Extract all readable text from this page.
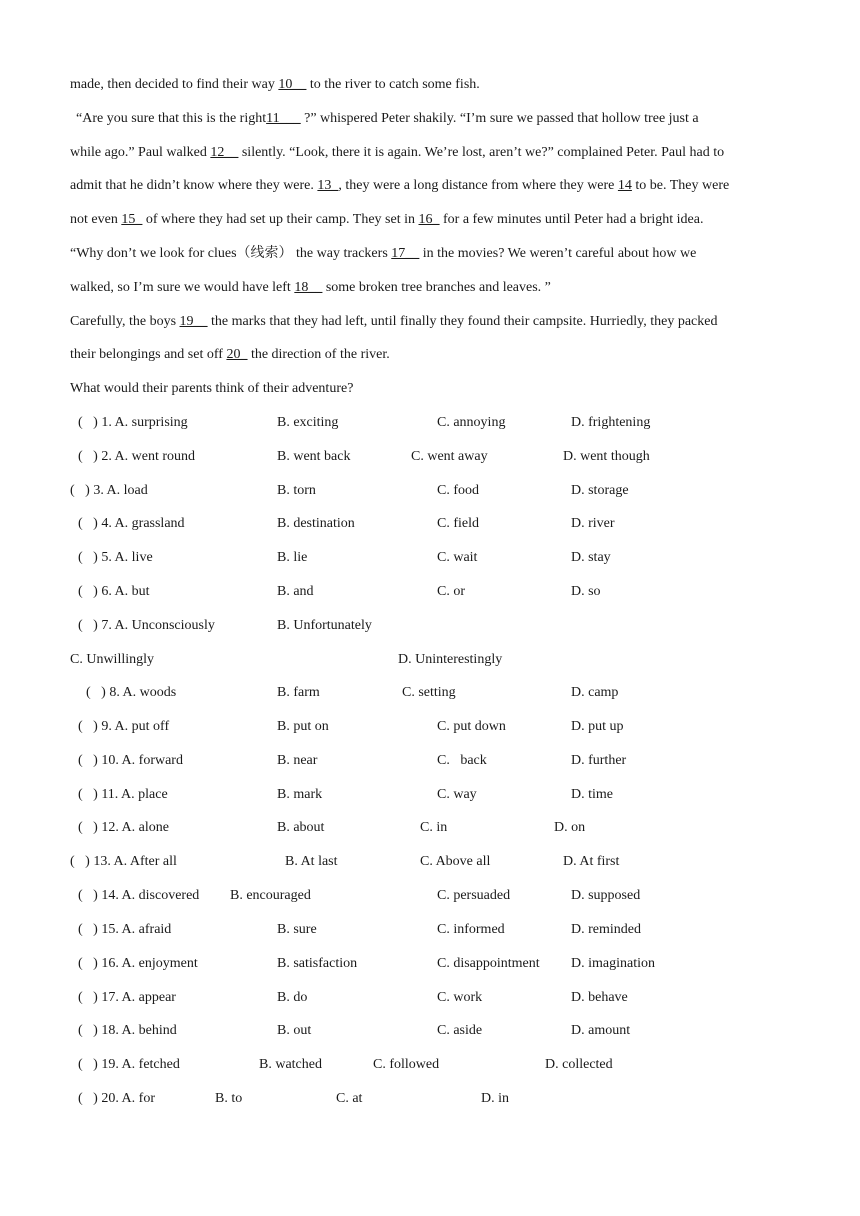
made, then decided to find their way 10__ to the river to catch some fish.
“Are you sure that this is the right11___ ?” whispered Peter shakily. “I’m sure we passed that hollow tree just a
while ago.” Paul walked 12__ silently. “Look, there it is again. We’re lost, aren’t we?” complained Peter. Paul had to
admit that he didn’t know where they were. 13_, they were a long distance from where they were 14 to be. They were
not even 15_ of where they had set up their camp. They set in 16_ for a few minutes until Peter had a bright idea.
“Why don’t we look for clues（线索） the way trackers 17__ in the movies? We weren’t careful about how we
walked, so I’m sure we would have left 18__ some broken tree branches and leaves. ”
Carefully, the boys 19__ the marks that they had left, until finally they found their campsite. Hurriedly, they packed
their belongings and set off 20_ the direction of the river.
What would their parents think of their adventure?
(   ) 1. A. surprising	B. exciting	C. annoying	D. frightening
(   ) 2. A. went round	B. went back	C. went away	D. went though
(   ) 3. A. load	B. torn	C. food	D. storage
(   ) 4. A. grassland	B. destination	C. field	D. river
(   ) 5. A. live	B. lie	C. wait	D. stay
(   ) 6. A. but	B. and	C. or	D. so
(   ) 7. A. Unconsciously	B. Unfortunately
C. Unwillingly	D. Uninterestingly
(   ) 8. A. woods	B. farm	C. setting	D. camp
(   ) 9. A. put off	B. put on	C. put down	D. put up
(   ) 10. A. forward	B. near	C.   back	D. further
(   ) 11. A. place	B. mark	C. way	D. time
(   ) 12. A. alone	B. about	C. in	D. on
(   ) 13. A. After all	B. At last	C. Above all	D. At first
(   ) 14. A. discovered B. encouraged	C. persuaded	D. supposed
(   ) 15. A. afraid	B. sure	C. informed	D. reminded
(   ) 16. A. enjoyment	B. satisfaction	C. disappointment D. imagination
(   ) 17. A. appear	B. do	C. work	D. behave
(   ) 18. A. behind	B. out	C. aside	D. amount
(   ) 19. A. fetched	B. watched	C. followed	D. collected
(   ) 20. A. for	B. to	C. at	D. in
